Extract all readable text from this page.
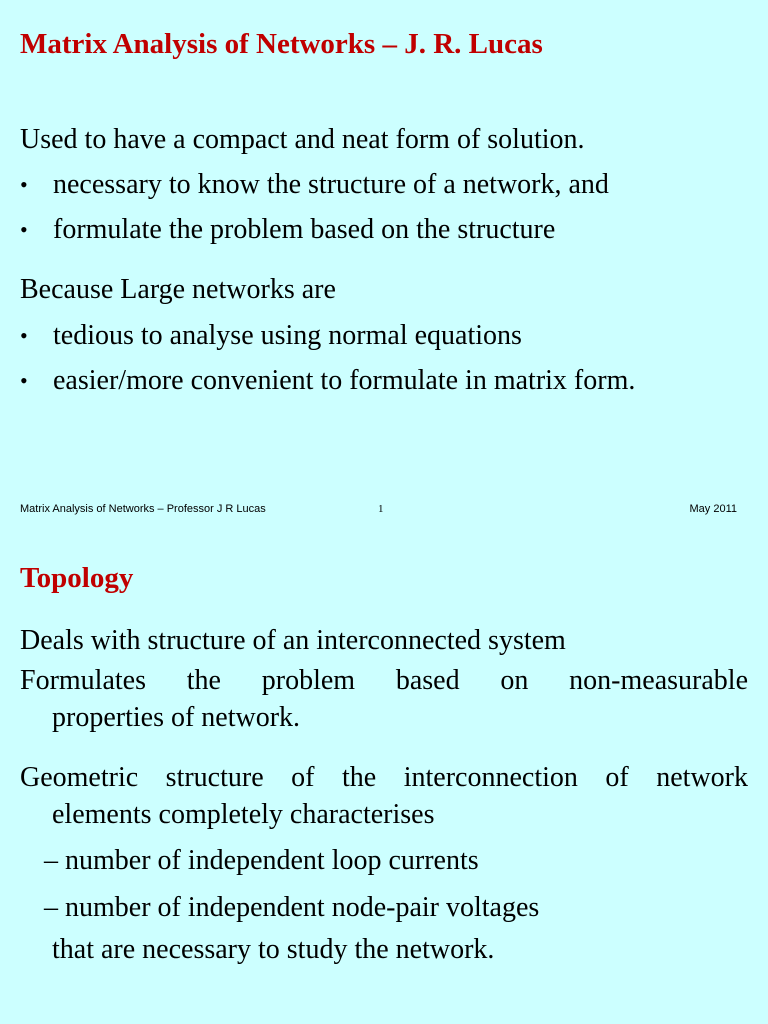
Matrix Analysis of Networks – J. R. Lucas
Used to have a compact and neat form of solution.
• necessary to know the structure of a network, and
• formulate the problem based on the structure
Because Large networks are
• tedious to analyse using normal equations
• easier/more convenient to formulate in matrix form.
Matrix Analysis of Networks – Professor J R Lucas	1	May 2011
Topology
Deals with structure of an interconnected system
Formulates the problem based on non-measurable
properties of network.
Geometric structure of the interconnection of network
elements completely characterises
– number of independent loop currents
– number of independent node-pair voltages
that are necessary to study the network.
